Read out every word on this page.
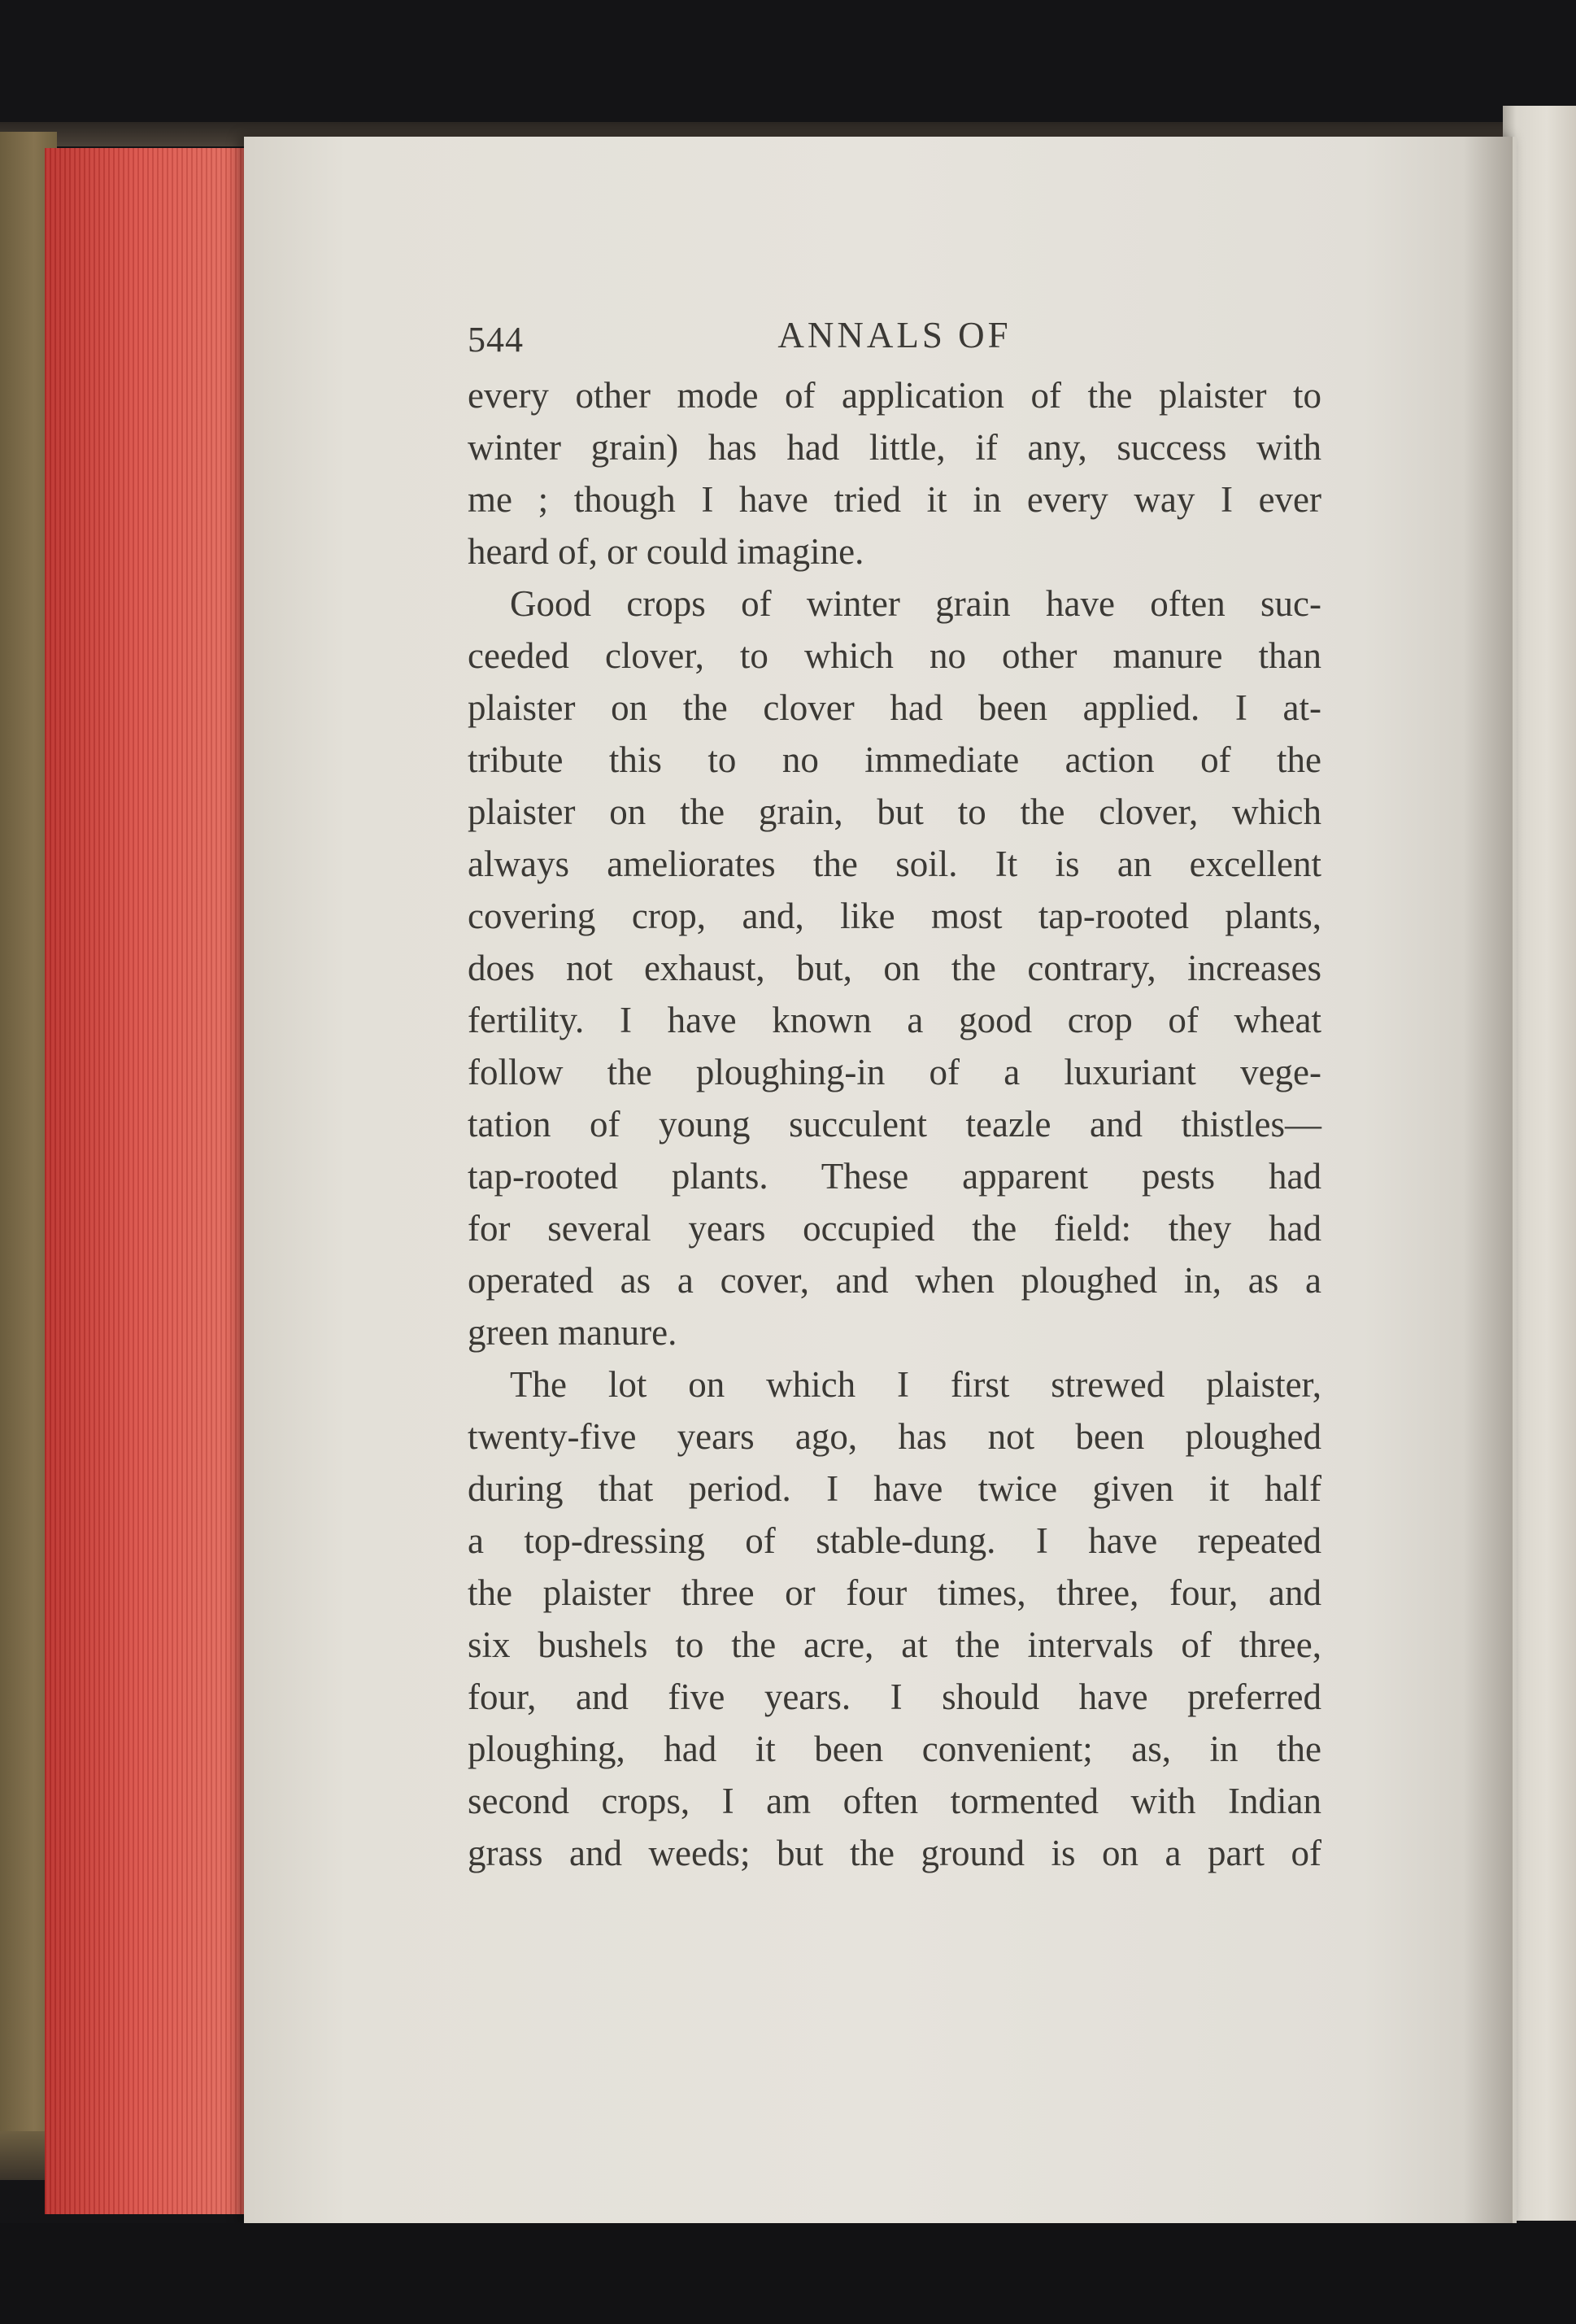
544	ANNALS OF
every other mode of application of the plaister to
winter grain) has had little, if any, success with
me ; though I have tried it in every way I ever
heard of, or could imagine.
Good crops of winter grain have often suc-
ceeded clover, to which no other manure than
plaister on the clover had been applied. I at-
tribute this to no immediate action of the
plaister on the grain, but to the clover, which
always ameliorates the soil. It is an excellent
covering crop, and, like most tap-rooted plants,
does not exhaust, but, on the contrary, increases
fertility. I have known a good crop of wheat
follow the ploughing-in of a luxuriant vege-
tation of young succulent teazle and thistles—
tap-rooted plants. These apparent pests had
for several years occupied the field: they had
operated as a cover, and when ploughed in, as a
green manure.
The lot on which I first strewed plaister,
twenty-five years ago, has not been ploughed
during that period. I have twice given it half
a top-dressing of stable-dung. I have repeated
the plaister three or four times, three, four, and
six bushels to the acre, at the intervals of three,
four, and five years. I should have preferred
ploughing, had it been convenient; as, in the
second crops, I am often tormented with Indian
grass and weeds; but the ground is on a part of
